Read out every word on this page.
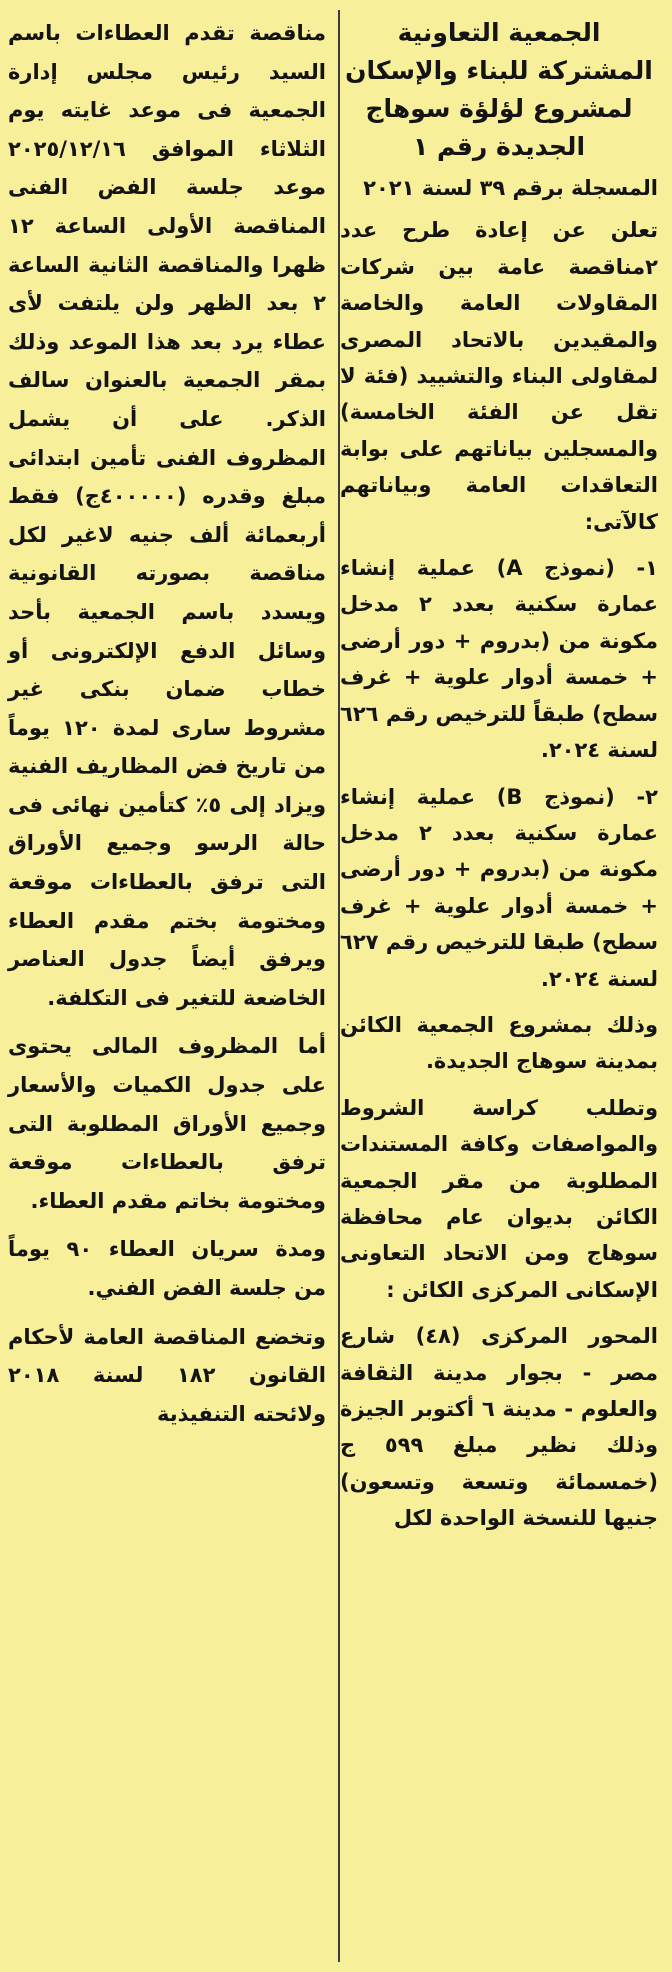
الجمعية التعاونية
المشتركة للبناء والإسكان
لمشروع لؤلؤة سوهاج
الجديدة رقم ١

المسجلة برقم ٣٩ لسنة ٢٠٢١

تعلن عن إعادة طرح عدد ٢مناقصة عامة بين شركات المقاولات العامة والخاصة والمقيدين بالاتحاد المصرى لمقاولى البناء والتشييد (فئة لا تقل عن الفئة الخامسة) والمسجلين بياناتهم على بوابة التعاقدات العامة وبياناتهم كالآتى:

١- (نموذج A) عملية إنشاء عمارة سكنية بعدد ٢ مدخل مكونة من (بدروم + دور أرضى + خمسة أدوار علوية + غرف سطح) طبقاً للترخيص رقم ٦٢٦ لسنة ٢٠٢٤.

٢- (نموذج B) عملية إنشاء عمارة سكنية بعدد ٢ مدخل مكونة من (بدروم + دور أرضى + خمسة أدوار علوية + غرف سطح) طبقا للترخيص رقم ٦٢٧ لسنة ٢٠٢٤.

وذلك بمشروع الجمعية الكائن بمدينة سوهاج الجديدة.

وتطلب كراسة الشروط والمواصفات وكافة المستندات المطلوبة من مقر الجمعية الكائن بديوان عام محافظة سوهاج ومن الاتحاد التعاونى الإسكانى المركزى الكائن :

المحور المركزى (٤٨) شارع مصر - بجوار مدينة الثقافة والعلوم - مدينة ٦ أكتوبر الجيزة وذلك نظير مبلغ ٥٩٩ ج (خمسمائة وتسعة وتسعون) جنيها للنسخة الواحدة لكل

مناقصة تقدم العطاءات باسم السيد رئيس مجلس إدارة الجمعية فى موعد غايته يوم الثلاثاء الموافق ٢٠٢٥/١٢/١٦ موعد جلسة الفض الفنى المناقصة الأولى الساعة ١٢ ظهرا والمناقصة الثانية الساعة ٢ بعد الظهر ولن يلتفت لأى عطاء يرد بعد هذا الموعد وذلك بمقر الجمعية بالعنوان سالف الذكر. على أن يشمل المظروف الفنى تأمين ابتدائى مبلغ وقدره (٤٠٠٠٠٠ج) فقط أربعمائة ألف جنيه لاغير لكل مناقصة بصورته القانونية ويسدد باسم الجمعية بأحد وسائل الدفع الإلكترونى أو خطاب ضمان بنكى غير مشروط سارى لمدة ١٢٠ يوماً من تاريخ فض المظاريف الفنية ويزاد إلى ٥٪ كتأمين نهائى فى حالة الرسو وجميع الأوراق التى ترفق بالعطاءات موقعة ومختومة بختم مقدم العطاء ويرفق أيضاً جدول العناصر الخاضعة للتغير فى التكلفة.

أما المظروف المالى يحتوى على جدول الكميات والأسعار وجميع الأوراق المطلوبة التى ترفق بالعطاءات موقعة ومختومة بخاتم مقدم العطاء.

ومدة سريان العطاء ٩٠ يوماً من جلسة الفض الفني.

وتخضع المناقصة العامة لأحكام القانون ١٨٢ لسنة ٢٠١٨ ولائحته التنفيذية
